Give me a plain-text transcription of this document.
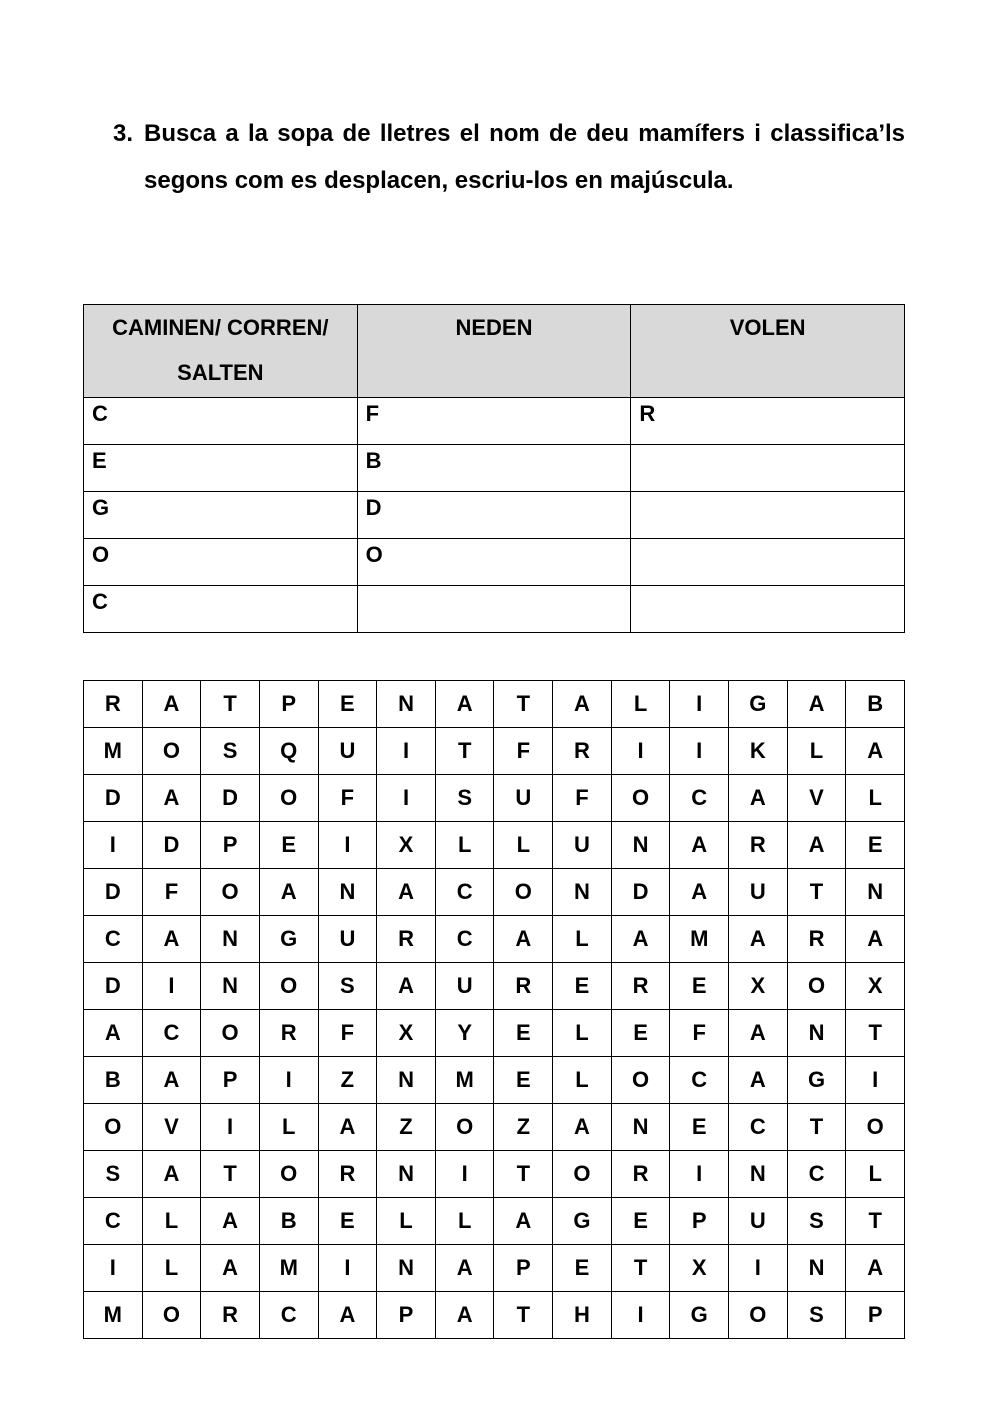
3. Busca a la sopa de lletres el nom de deu mamífers i classifica’ls segons com es desplacen, escriu-los en majúscula.
CAMINEN/ CORREN/ SALTEN	NEDEN	VOLEN
C	F	R
E	B	
G	D	
O	O	
C		
R	A	T	P	E	N	A	T	A	L	I	G	A	B
M	O	S	Q	U	I	T	F	R	I	I	K	L	A
D	A	D	O	F	I	S	U	F	O	C	A	V	L
I	D	P	E	I	X	L	L	U	N	A	R	A	E
D	F	O	A	N	A	C	O	N	D	A	U	T	N
C	A	N	G	U	R	C	A	L	A	M	A	R	A
D	I	N	O	S	A	U	R	E	R	E	X	O	X
A	C	O	R	F	X	Y	E	L	E	F	A	N	T
B	A	P	I	Z	N	M	E	L	O	C	A	G	I
O	V	I	L	A	Z	O	Z	A	N	E	C	T	O
S	A	T	O	R	N	I	T	O	R	I	N	C	L
C	L	A	B	E	L	L	A	G	E	P	U	S	T
I	L	A	M	I	N	A	P	E	T	X	I	N	A
M	O	R	C	A	P	A	T	H	I	G	O	S	P
